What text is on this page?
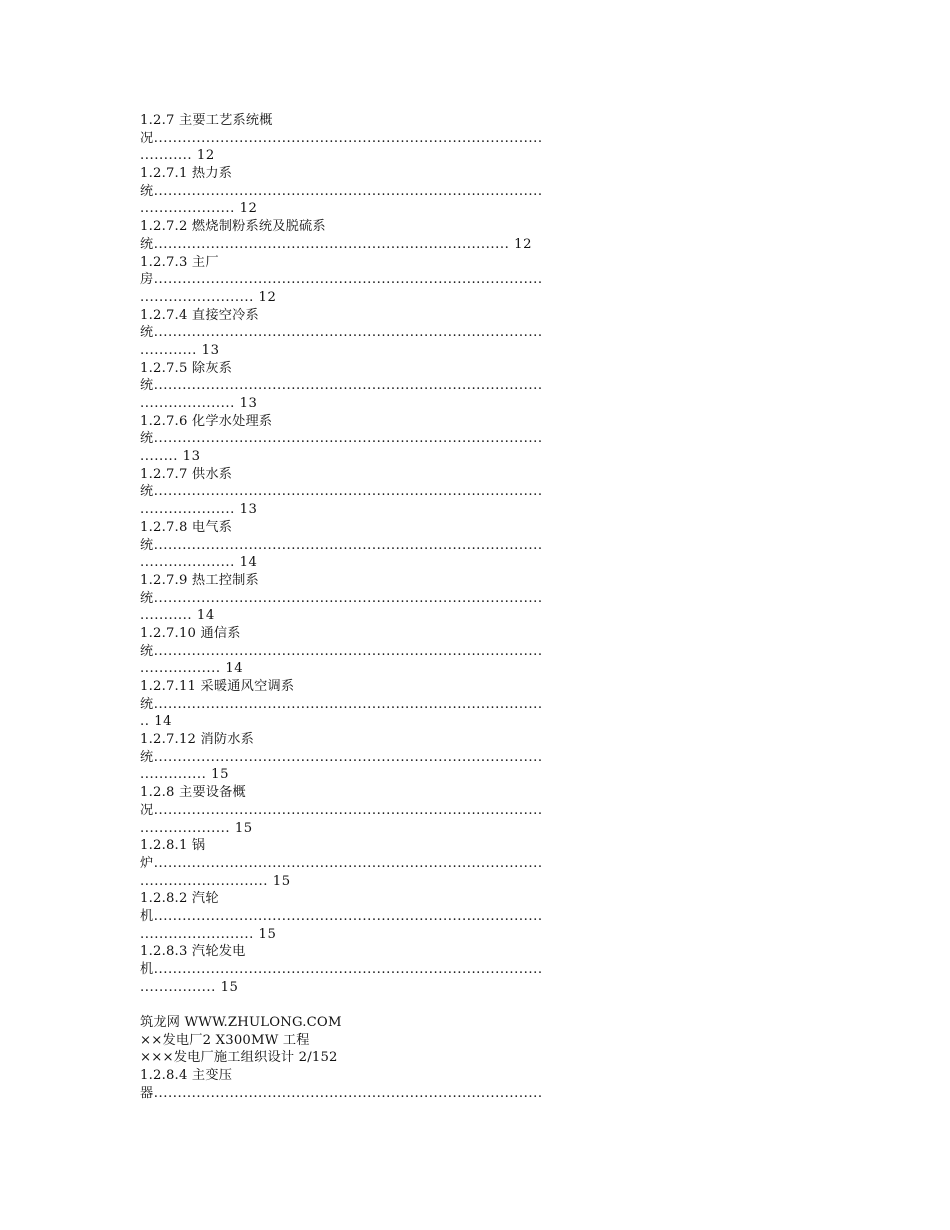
1.2.7 主要工艺系统概
况..................................................................................
........... 12
1.2.7.1 热力系
统..................................................................................
.................... 12
1.2.7.2 燃烧制粉系统及脱硫系
统........................................................................... 12
1.2.7.3 主厂
房..................................................................................
........................ 12
1.2.7.4 直接空冷系
统..................................................................................
............ 13
1.2.7.5 除灰系
统..................................................................................
.................... 13
1.2.7.6 化学水处理系
统..................................................................................
........ 13
1.2.7.7 供水系
统..................................................................................
.................... 13
1.2.7.8 电气系
统..................................................................................
.................... 14
1.2.7.9 热工控制系
统..................................................................................
........... 14
1.2.7.10 通信系
统..................................................................................
................. 14
1.2.7.11 采暖通风空调系
统..................................................................................
.. 14
1.2.7.12 消防水系
统..................................................................................
.............. 15
1.2.8 主要设备概
况..................................................................................
................... 15
1.2.8.1 锅
炉..................................................................................
........................... 15
1.2.8.2 汽轮
机..................................................................................
........................ 15
1.2.8.3 汽轮发电
机..................................................................................
................ 15
筑龙网 WWW.ZHULONG.COM
××发电厂2 X300MW 工程
×××发电厂施工组织设计 2/152
1.2.8.4 主变压
器..................................................................................
